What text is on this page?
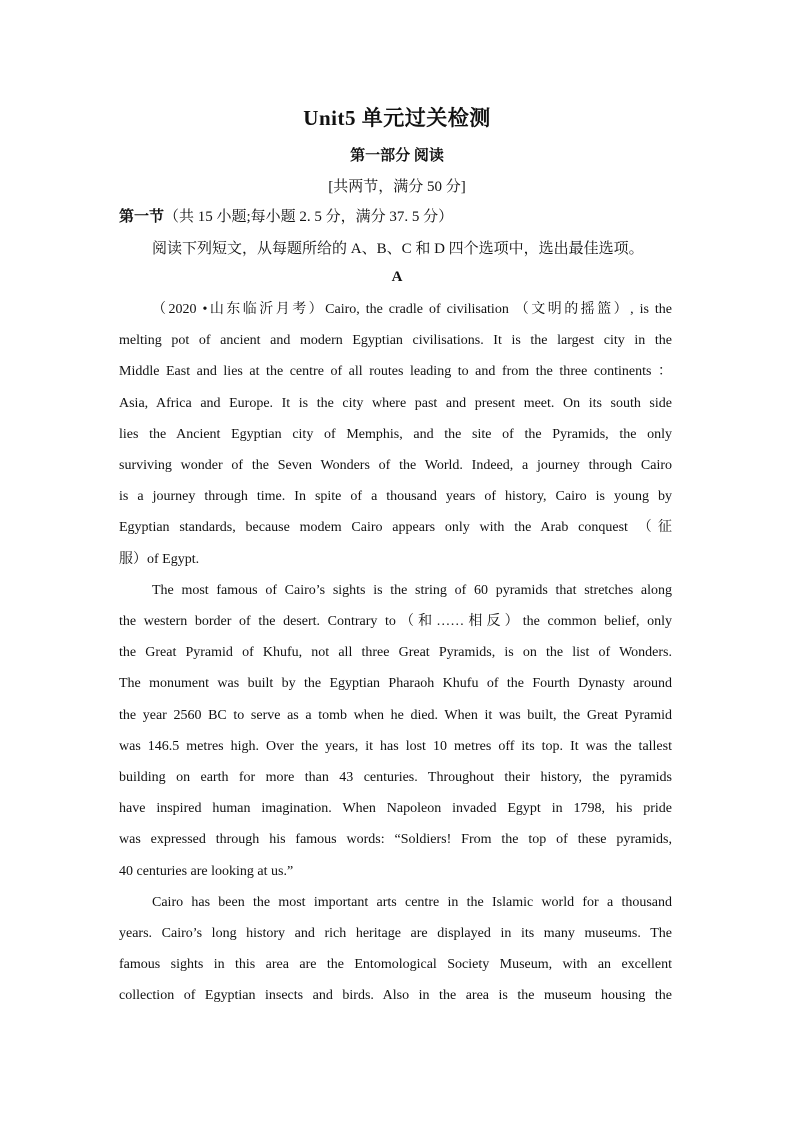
Unit5 单元过关检测
第一部分 阅读
[共两节，满分 50 分]
第一节（共 15 小题;每小题 2. 5 分，满分 37. 5 分）
阅读下列短文，从每题所给的 A、B、C 和 D 四个选项中，选出最佳选项。
A
（2020 •山东临沂月考）Cairo, the cradle of civilisation （文明的摇篮）, is the
melting pot of ancient and modern Egyptian civilisations. It is the largest city in the
Middle East and lies at the centre of all routes leading to and from the three continents ：
Asia, Africa and Europe. It is the city where past and present meet. On its south side
lies the Ancient Egyptian city of Memphis, and the site of the Pyramids, the only
surviving wonder of the Seven Wonders of the World. Indeed, a journey through Cairo
is a journey through time. In spite of a thousand years of history, Cairo is young by
Egyptian standards, because modem Cairo appears only with the Arab conquest （征
服）of Egypt.
The most famous of Cairo’s sights is the string of 60 pyramids that stretches along
the western border of the desert. Contrary to（和……相反）the common belief, only
the Great Pyramid of Khufu, not all three Great Pyramids, is on the list of Wonders.
The monument was built by the Egyptian Pharaoh Khufu of the Fourth Dynasty around
the year 2560 BC to serve as a tomb when he died. When it was built, the Great Pyramid
was 146.5 metres high. Over the years, it has lost 10 metres off its top. It was the tallest
building on earth for more than 43 centuries. Throughout their history, the pyramids
have inspired human imagination. When Napoleon invaded Egypt in 1798, his pride
was expressed through his famous words: “Soldiers! From the top of these pyramids,
40 centuries are looking at us.”
Cairo has been the most important arts centre in the Islamic world for a thousand
years. Cairo’s long history and rich heritage are displayed in its many museums. The
famous sights in this area are the Entomological Society Museum, with an excellent
collection of Egyptian insects and birds. Also in the area is the museum housing the
